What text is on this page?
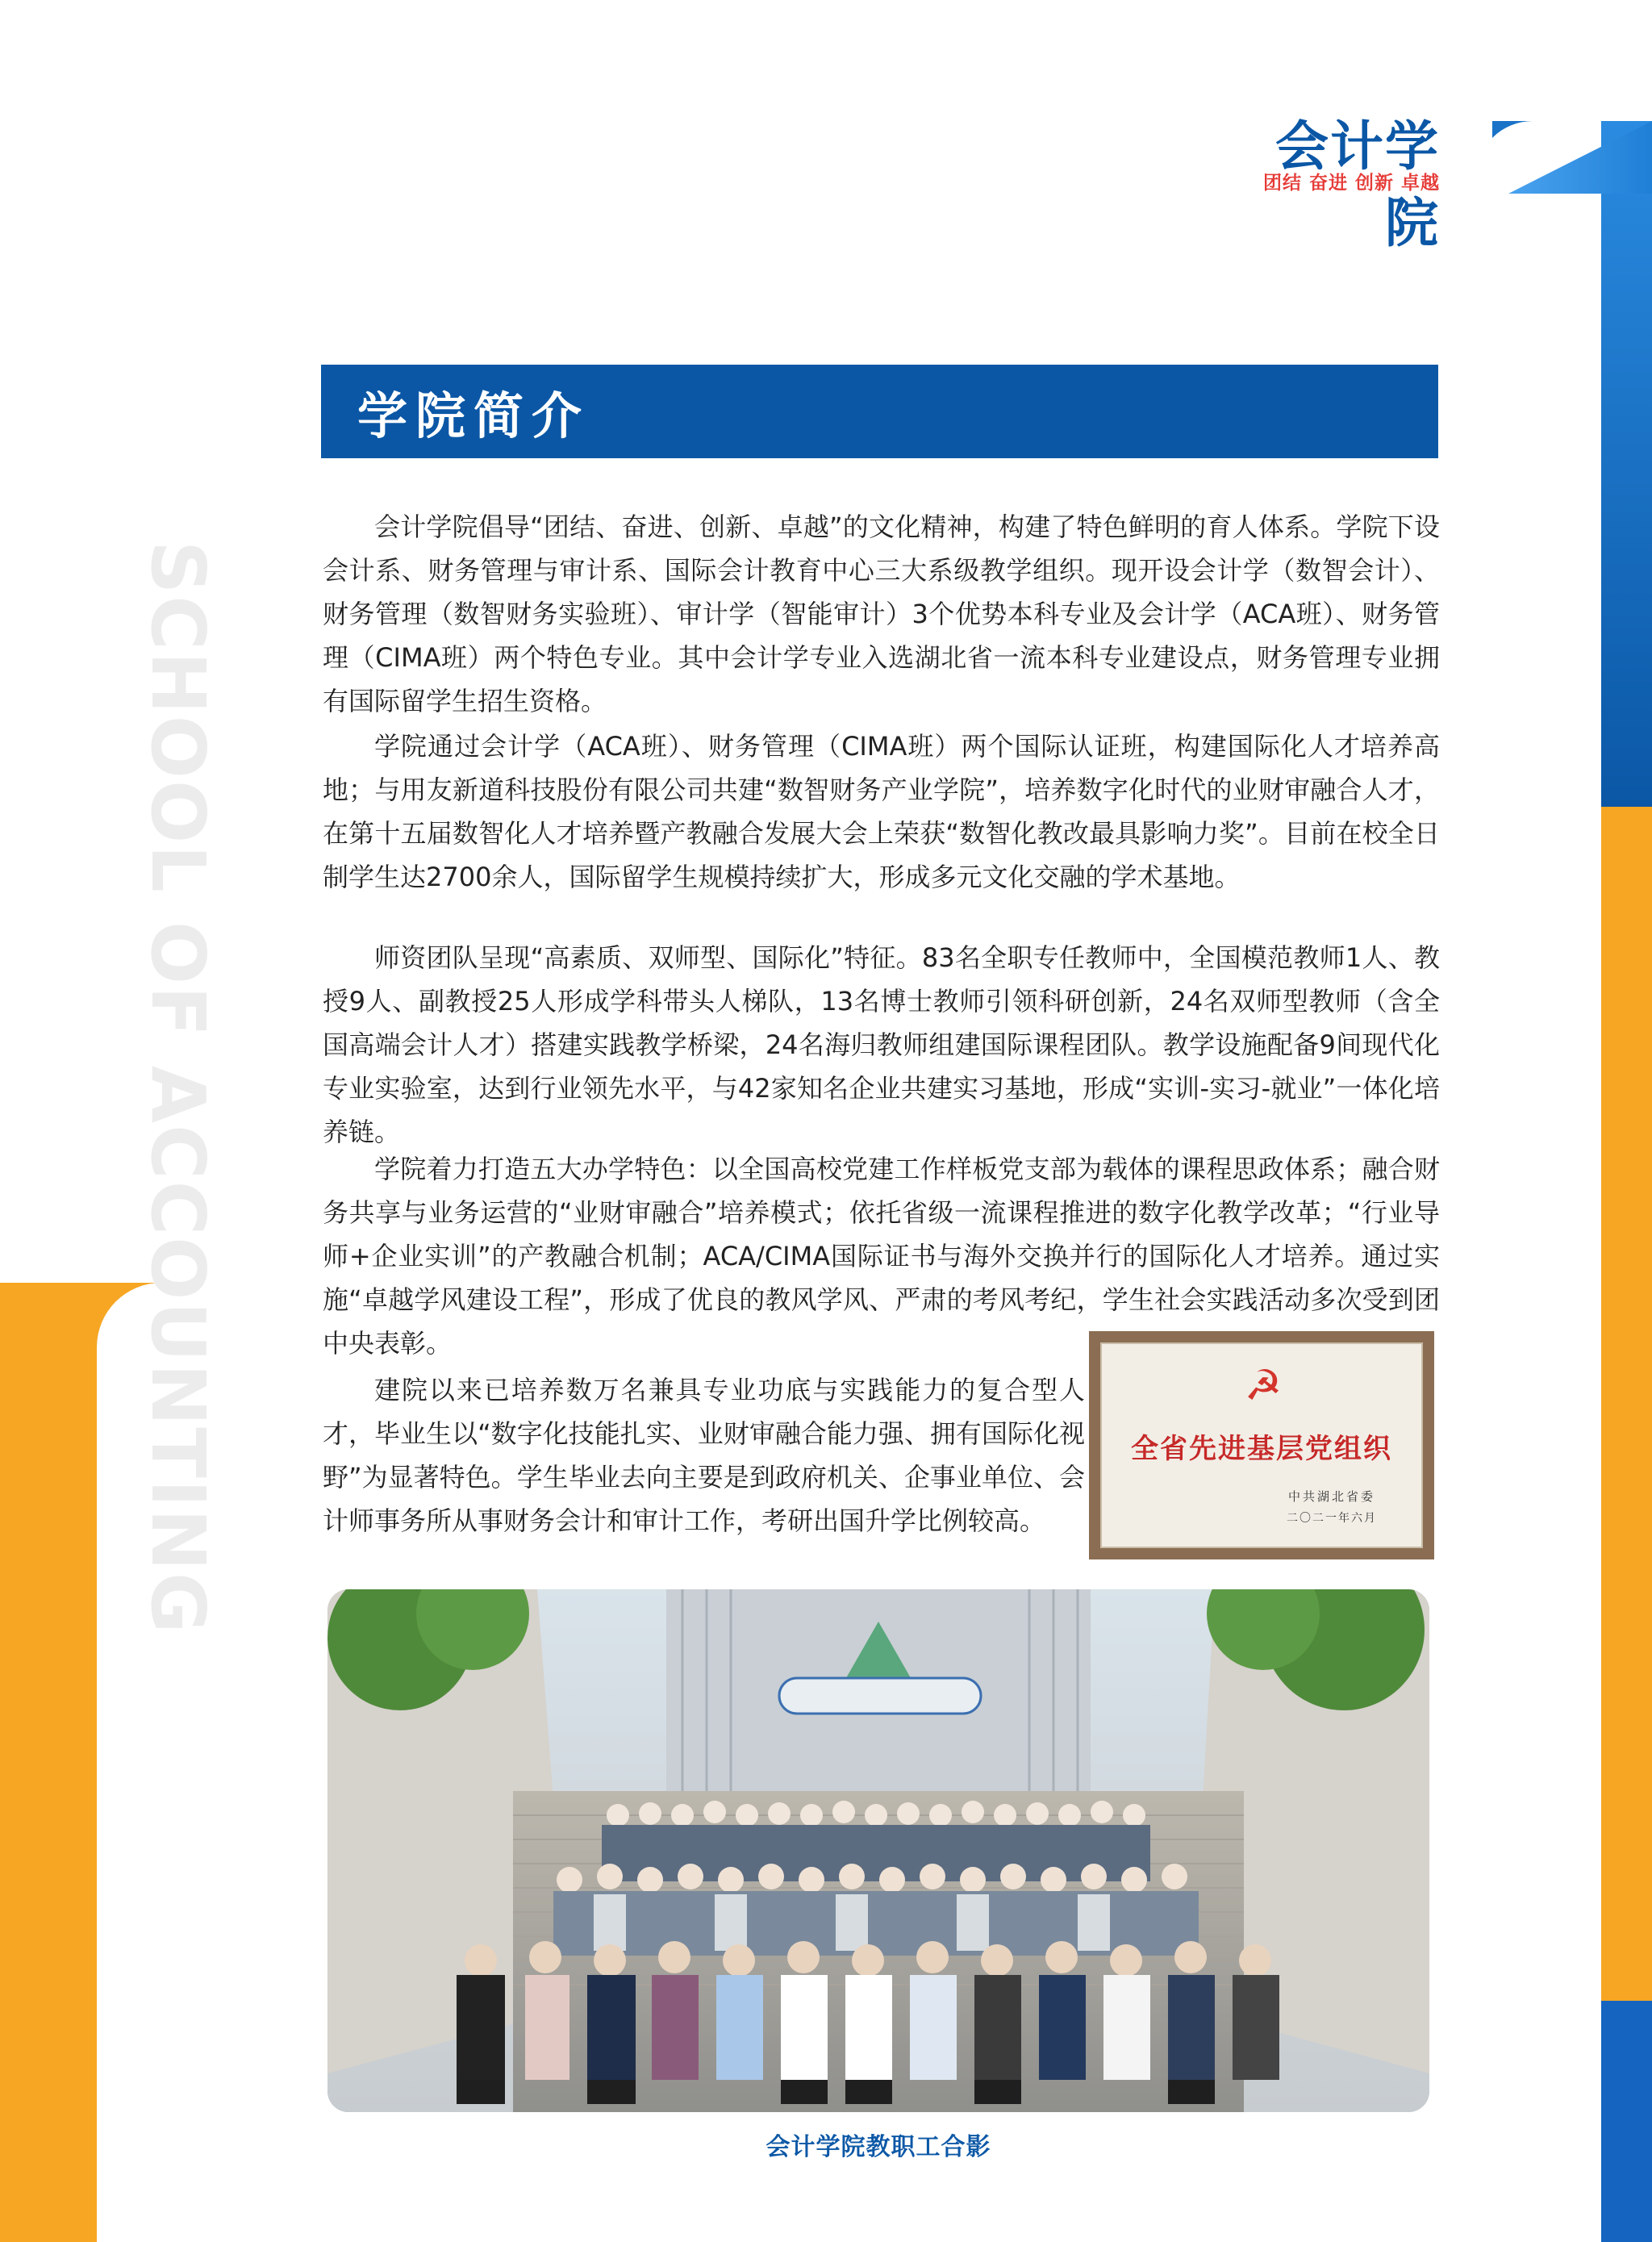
SCHOOL OF ACCOUNTING
会计学院
团结 奋进 创新 卓越
学院简介

会计学院倡导“团结、奋进、创新、卓越”的文化精神，构建了特色鲜明的育人体系。学院下设会计系、财务管理与审计系、国际会计教育中心三大系级教学组织。现开设会计学（数智会计）、财务管理（数智财务实验班）、审计学（智能审计）3个优势本科专业及会计学（ACA班）、财务管理（CIMA班）两个特色专业。其中会计学专业入选湖北省一流本科专业建设点，财务管理专业拥有国际留学生招生资格。

学院通过会计学（ACA班）、财务管理（CIMA班）两个国际认证班，构建国际化人才培养高地；与用友新道科技股份有限公司共建“数智财务产业学院”，培养数字化时代的业财审融合人才，在第十五届数智化人才培养暨产教融合发展大会上荣获“数智化教改最具影响力奖”。目前在校全日制学生达2700余人，国际留学生规模持续扩大，形成多元文化交融的学术基地。

师资团队呈现“高素质、双师型、国际化”特征。83名全职专任教师中，全国模范教师1人、教授9人、副教授25人形成学科带头人梯队，13名博士教师引领科研创新，24名双师型教师（含全国高端会计人才）搭建实践教学桥梁，24名海归教师组建国际课程团队。教学设施配备9间现代化专业实验室，达到行业领先水平，与42家知名企业共建实习基地，形成“实训-实习-就业”一体化培养链。

学院着力打造五大办学特色：以全国高校党建工作样板党支部为载体的课程思政体系；融合财务共享与业务运营的“业财审融合”培养模式；依托省级一流课程推进的数字化教学改革；“行业导师+企业实训”的产教融合机制；ACA/CIMA国际证书与海外交换并行的国际化人才培养。通过实施“卓越学风建设工程”，形成了优良的教风学风、严肃的考风考纪，学生社会实践活动多次受到团中央表彰。

建院以来已培养数万名兼具专业功底与实践能力的复合型人才，毕业生以“数字化技能扎实、业财审融合能力强、拥有国际化视野”为显著特色。学生毕业去向主要是到政府机关、企事业单位、会计师事务所从事财务会计和审计工作，考研出国升学比例较高。

☭
全省先进基层党组织
中共湖北省委
二〇二一年六月
会计学院教职工合影	01
